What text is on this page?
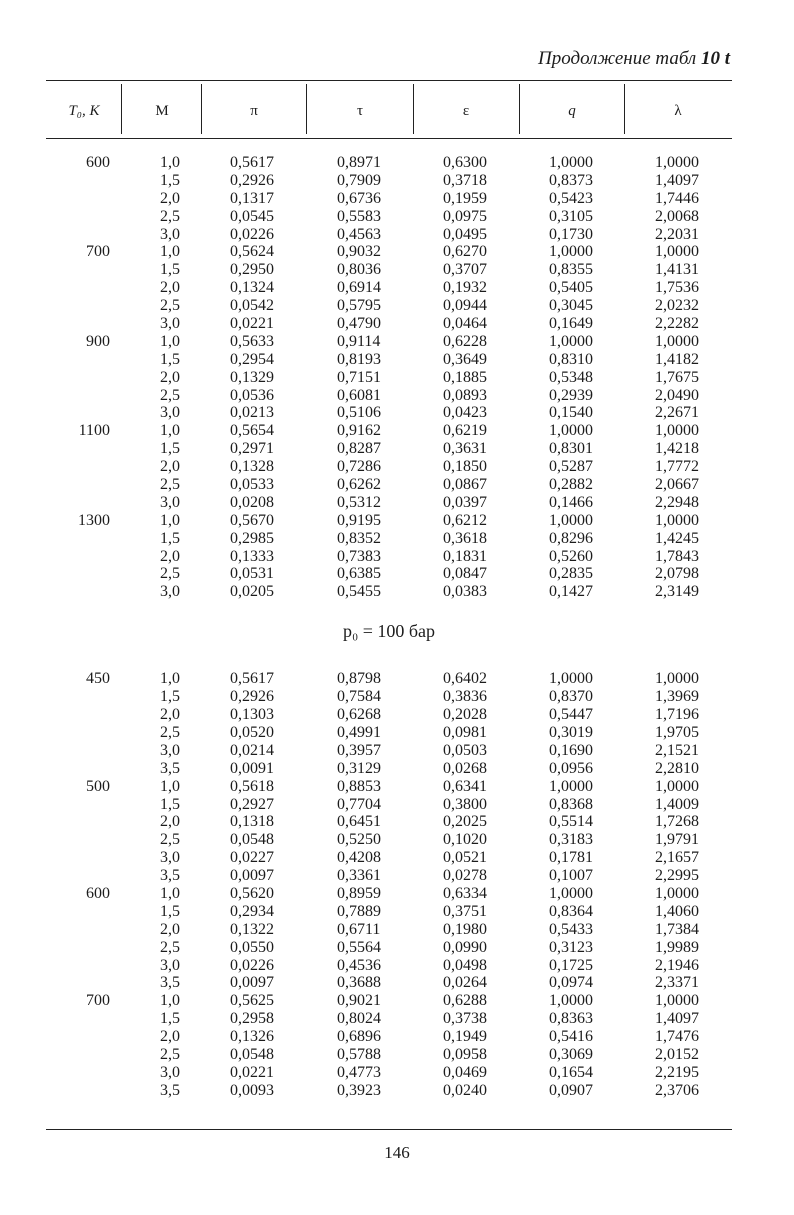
Продолжение табл 10 t
T₀, K	M	π	τ	ε	q	λ
600	1,0	0,5617	0,8971	0,6300	1,0000	1,0000
1,5	0,2926	0,7909	0,3718	0,8373	1,4097
2,0	0,1317	0,6736	0,1959	0,5423	1,7446
2,5	0,0545	0,5583	0,0975	0,3105	2,0068
3,0	0,0226	0,4563	0,0495	0,1730	2,2031
700	1,0	0,5624	0,9032	0,6270	1,0000	1,0000
1,5	0,2950	0,8036	0,3707	0,8355	1,4131
2,0	0,1324	0,6914	0,1932	0,5405	1,7536
2,5	0,0542	0,5795	0,0944	0,3045	2,0232
3,0	0,0221	0,4790	0,0464	0,1649	2,2282
900	1,0	0,5633	0,9114	0,6228	1,0000	1,0000
1,5	0,2954	0,8193	0,3649	0,8310	1,4182
2,0	0,1329	0,7151	0,1885	0,5348	1,7675
2,5	0,0536	0,6081	0,0893	0,2939	2,0490
3,0	0,0213	0,5106	0,0423	0,1540	2,2671
1100	1,0	0,5654	0,9162	0,6219	1,0000	1,0000
1,5	0,2971	0,8287	0,3631	0,8301	1,4218
2,0	0,1328	0,7286	0,1850	0,5287	1,7772
2,5	0,0533	0,6262	0,0867	0,2882	2,0667
3,0	0,0208	0,5312	0,0397	0,1466	2,2948
1300	1,0	0,5670	0,9195	0,6212	1,0000	1,0000
1,5	0,2985	0,8352	0,3618	0,8296	1,4245
2,0	0,1333	0,7383	0,1831	0,5260	1,7843
2,5	0,0531	0,6385	0,0847	0,2835	2,0798
3,0	0,0205	0,5455	0,0383	0,1427	2,3149
p₀ = 100 бар
450	1,0	0,5617	0,8798	0,6402	1,0000	1,0000
1,5	0,2926	0,7584	0,3836	0,8370	1,3969
2,0	0,1303	0,6268	0,2028	0,5447	1,7196
2,5	0,0520	0,4991	0,0981	0,3019	1,9705
3,0	0,0214	0,3957	0,0503	0,1690	2,1521
3,5	0,0091	0,3129	0,0268	0,0956	2,2810
500	1,0	0,5618	0,8853	0,6341	1,0000	1,0000
1,5	0,2927	0,7704	0,3800	0,8368	1,4009
2,0	0,1318	0,6451	0,2025	0,5514	1,7268
2,5	0,0548	0,5250	0,1020	0,3183	1,9791
3,0	0,0227	0,4208	0,0521	0,1781	2,1657
3,5	0,0097	0,3361	0,0278	0,1007	2,2995
600	1,0	0,5620	0,8959	0,6334	1,0000	1,0000
1,5	0,2934	0,7889	0,3751	0,8364	1,4060
2,0	0,1322	0,6711	0,1980	0,5433	1,7384
2,5	0,0550	0,5564	0,0990	0,3123	1,9989
3,0	0,0226	0,4536	0,0498	0,1725	2,1946
3,5	0,0097	0,3688	0,0264	0,0974	2,3371
700	1,0	0,5625	0,9021	0,6288	1,0000	1,0000
1,5	0,2958	0,8024	0,3738	0,8363	1,4097
2,0	0,1326	0,6896	0,1949	0,5416	1,7476
2,5	0,0548	0,5788	0,0958	0,3069	2,0152
3,0	0,0221	0,4773	0,0469	0,1654	2,2195
3,5	0,0093	0,3923	0,0240	0,0907	2,3706
146
